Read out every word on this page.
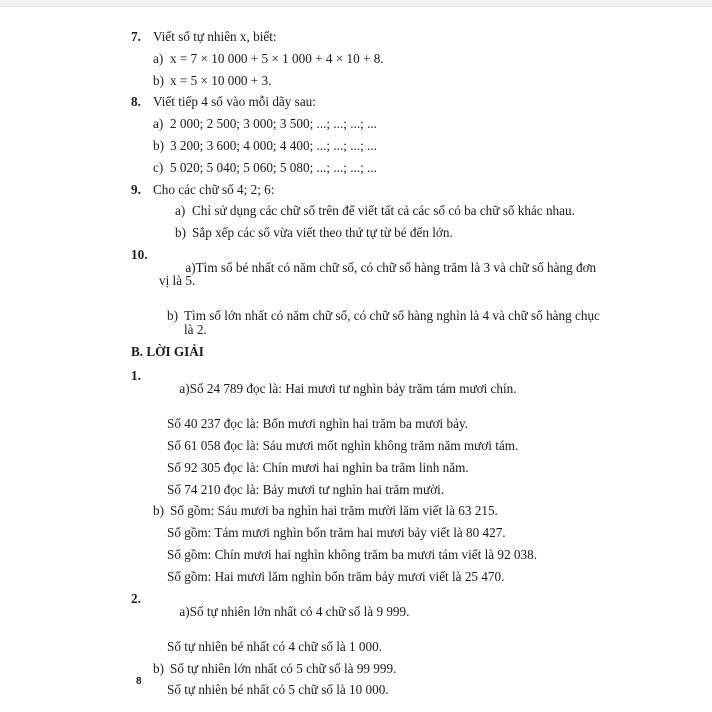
7. Viết số tự nhiên x, biết:
a) x = 7 × 10 000 + 5 × 1 000 + 4 × 10 + 8.
b) x = 5 × 10 000 + 3.
8. Viết tiếp 4 số vào mỗi dãy sau:
a) 2 000; 2 500; 3 000; 3 500; ...; ...; ...; ...
b) 3 200; 3 600; 4 000; 4 400; ...; ...; ...; ...
c) 5 020; 5 040; 5 060; 5 080; ...; ...; ...; ...
9. Cho các chữ số 4; 2; 6:
a) Chỉ sử dụng các chữ số trên để viết tất cả các số có ba chữ số khác nhau.
b) Sắp xếp các số vừa viết theo thứ tự từ bé đến lớn.
10.

a)Tìm số bé nhất có năm chữ số, có chữ số hàng trăm là 3 và chữ số hàng đơn vị là 5.

b) Tìm số lớn nhất có năm chữ số, có chữ số hàng nghìn là 4 và chữ số hàng chục là 2.
B. LỜI GIẢI
1.

a)Số 24 789 đọc là: Hai mươi tư nghìn bảy trăm tám mươi chín.

Số 40 237 đọc là: Bốn mươi nghìn hai trăm ba mươi bảy.
Số 61 058 đọc là: Sáu mươi mốt nghìn không trăm năm mươi tám.
Số 92 305 đọc là: Chín mươi hai nghìn ba trăm linh năm.
Số 74 210 đọc là: Bảy mươi tư nghìn hai trăm mười.
b) Số gồm: Sáu mươi ba nghìn hai trăm mười lăm viết là 63 215.
Số gồm: Tám mươi nghìn bốn trăm hai mươi bảy viết là 80 427.
Số gồm: Chín mươi hai nghìn không trăm ba mươi tám viết là 92 038.
Số gồm: Hai mươi lăm nghìn bốn trăm bảy mươi viết là 25 470.
2.

a)Số tự nhiên lớn nhất có 4 chữ số là 9 999.

Số tự nhiên bé nhất có 4 chữ số là 1 000.
b) Số tự nhiên lớn nhất có 5 chữ số là 99 999.
Số tự nhiên bé nhất có 5 chữ số là 10 000.
8
